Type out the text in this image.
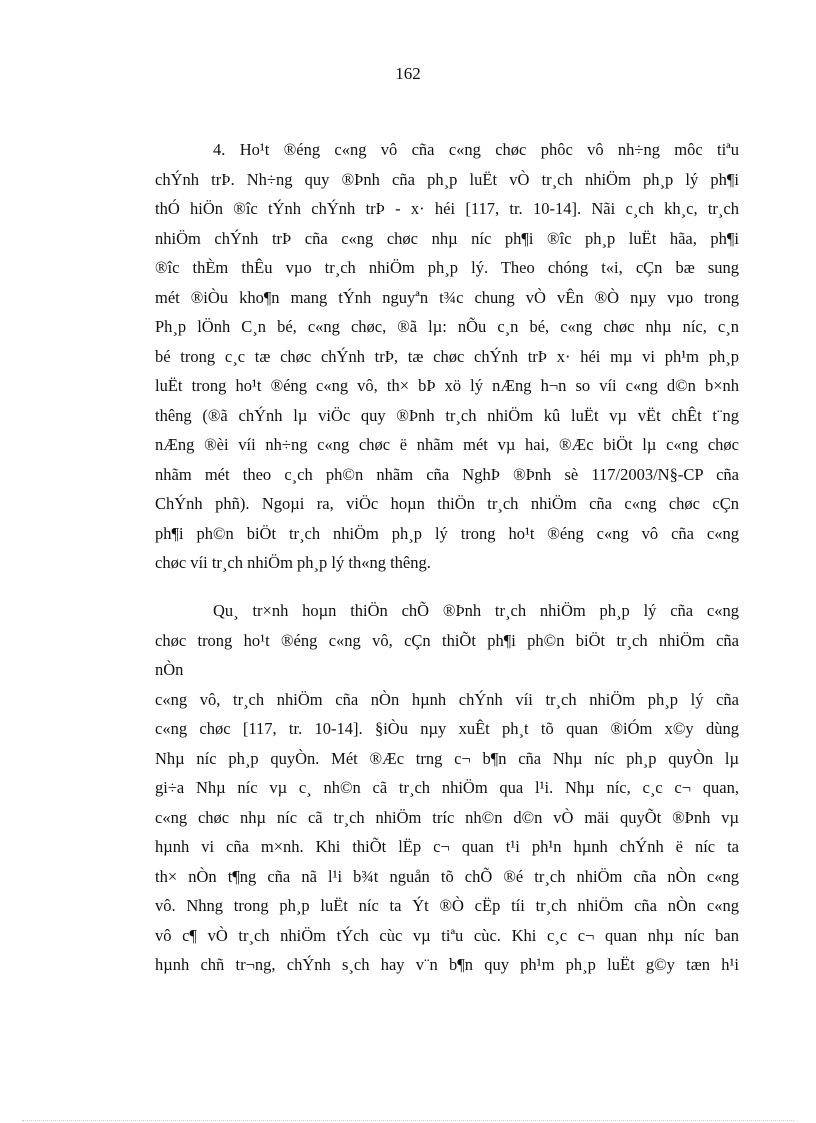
162
4. Ho¹t ®éng c«ng vô cña c«ng chøc phôc vô nh÷ng môc tiªu
chÝnh trÞ. Nh÷ng quy ®Þnh cña ph¸p luËt vÒ tr¸ch nhiÖm ph¸p lý ph¶i
thÓ hiÖn ®îc tÝnh chÝnh trÞ - x· héi [117, tr. 10-14]. Nãi c¸ch kh¸c, tr¸ch
nhiÖm chÝnh trÞ cña c«ng chøc nhµ níc ph¶i ®îc ph¸p luËt hãa, ph¶i
®îc thÈm thÊu vµo tr¸ch nhiÖm ph¸p lý. Theo chóng t«i, cÇn bæ sung
mét ®iÒu kho¶n mang tÝnh nguyªn t¾c chung vÒ vÊn ®Ò nµy vµo trong
Ph¸p lÖnh C¸n bé, c«ng chøc, ®ã lµ: nÕu c¸n bé, c«ng chøc nhµ níc, c¸n
bé trong c¸c tæ chøc chÝnh trÞ, tæ chøc chÝnh trÞ x· héi mµ vi ph¹m ph¸p
luËt trong ho¹t ®éng c«ng vô, th× bÞ xö lý nÆng h¬n so víi c«ng d©n b×nh
thêng (®ã chÝnh lµ viÖc quy ®Þnh tr¸ch nhiÖm kû luËt vµ vËt chÊt t¨ng
nÆng ®èi víi nh÷ng c«ng chøc ë nhãm mét vµ hai, ®Æc biÖt lµ c«ng chøc
nhãm mét theo c¸ch ph©n nhãm cña NghÞ ®Þnh sè 117/2003/N§-CP cña
ChÝnh phñ). Ngoµi ra, viÖc hoµn thiÖn tr¸ch nhiÖm cña c«ng chøc cÇn
ph¶i ph©n biÖt tr¸ch nhiÖm ph¸p lý trong ho¹t ®éng c«ng vô cña c«ng
chøc víi tr¸ch nhiÖm ph¸p lý th«ng thêng.
Qu¸ tr×nh hoµn thiÖn chÕ ®Þnh tr¸ch nhiÖm ph¸p lý cña c«ng
chøc trong ho¹t ®éng c«ng vô, cÇn thiÕt ph¶i ph©n biÖt tr¸ch nhiÖm cña
nÒn
c«ng vô, tr¸ch nhiÖm cña nÒn hµnh chÝnh víi tr¸ch nhiÖm ph¸p lý cña
c«ng chøc [117, tr. 10-14]. §iÒu nµy xuÊt ph¸t tõ quan ®iÓm x©y dùng
Nhµ níc ph¸p quyÒn. Mét ®Æc trng c¬ b¶n cña Nhµ níc ph¸p quyÒn lµ
gi÷a Nhµ níc vµ c¸ nh©n cã tr¸ch nhiÖm qua l¹i. Nhµ níc, c¸c c¬ quan,
c«ng chøc nhµ níc cã tr¸ch nhiÖm tríc nh©n d©n vÒ mäi quyÕt ®Þnh vµ
hµnh vi cña m×nh. Khi thiÕt lËp c¬ quan t¹i ph¹n hµnh chÝnh ë níc ta
th× nÒn t¶ng cña nã l¹i b¾t nguån tõ chÕ ®é tr¸ch nhiÖm cña nÒn c«ng
vô. Nhng trong ph¸p luËt níc ta Ýt ®Ò cËp tíi tr¸ch nhiÖm cña nÒn c«ng
vô c¶ vÒ tr¸ch nhiÖm tÝch cùc vµ tiªu cùc. Khi c¸c c¬ quan nhµ níc ban
hµnh chñ tr¬ng, chÝnh s¸ch hay v¨n b¶n quy ph¹m ph¸p luËt g©y tæn h¹i
